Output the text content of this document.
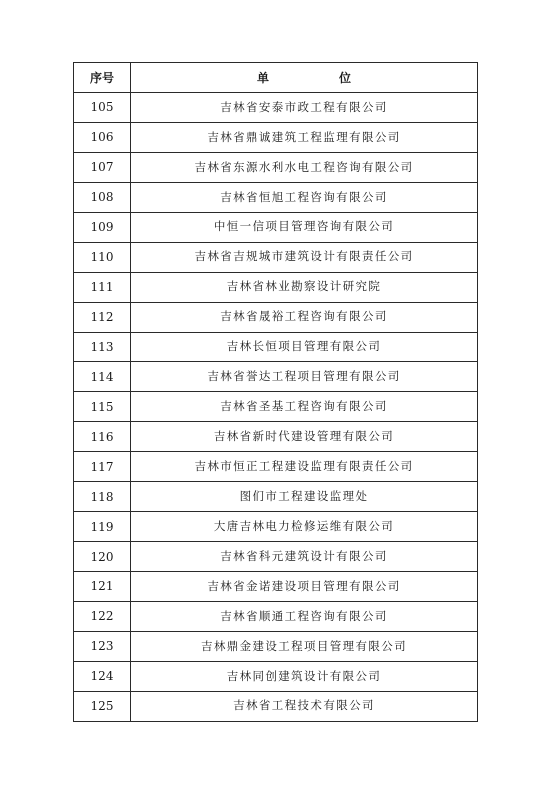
序号	单 位
105	吉林省安泰市政工程有限公司
106	吉林省鼎诚建筑工程监理有限公司
107	吉林省东源水利水电工程咨询有限公司
108	吉林省恒旭工程咨询有限公司
109	中恒一信项目管理咨询有限公司
110	吉林省吉规城市建筑设计有限责任公司
111	吉林省林业勘察设计研究院
112	吉林省晟裕工程咨询有限公司
113	吉林长恒项目管理有限公司
114	吉林省誉达工程项目管理有限公司
115	吉林省圣基工程咨询有限公司
116	吉林省新时代建设管理有限公司
117	吉林市恒正工程建设监理有限责任公司
118	图们市工程建设监理处
119	大唐吉林电力检修运维有限公司
120	吉林省科元建筑设计有限公司
121	吉林省金诺建设项目管理有限公司
122	吉林省顺通工程咨询有限公司
123	吉林鼎金建设工程项目管理有限公司
124	吉林同创建筑设计有限公司
125	吉林省工程技术有限公司
